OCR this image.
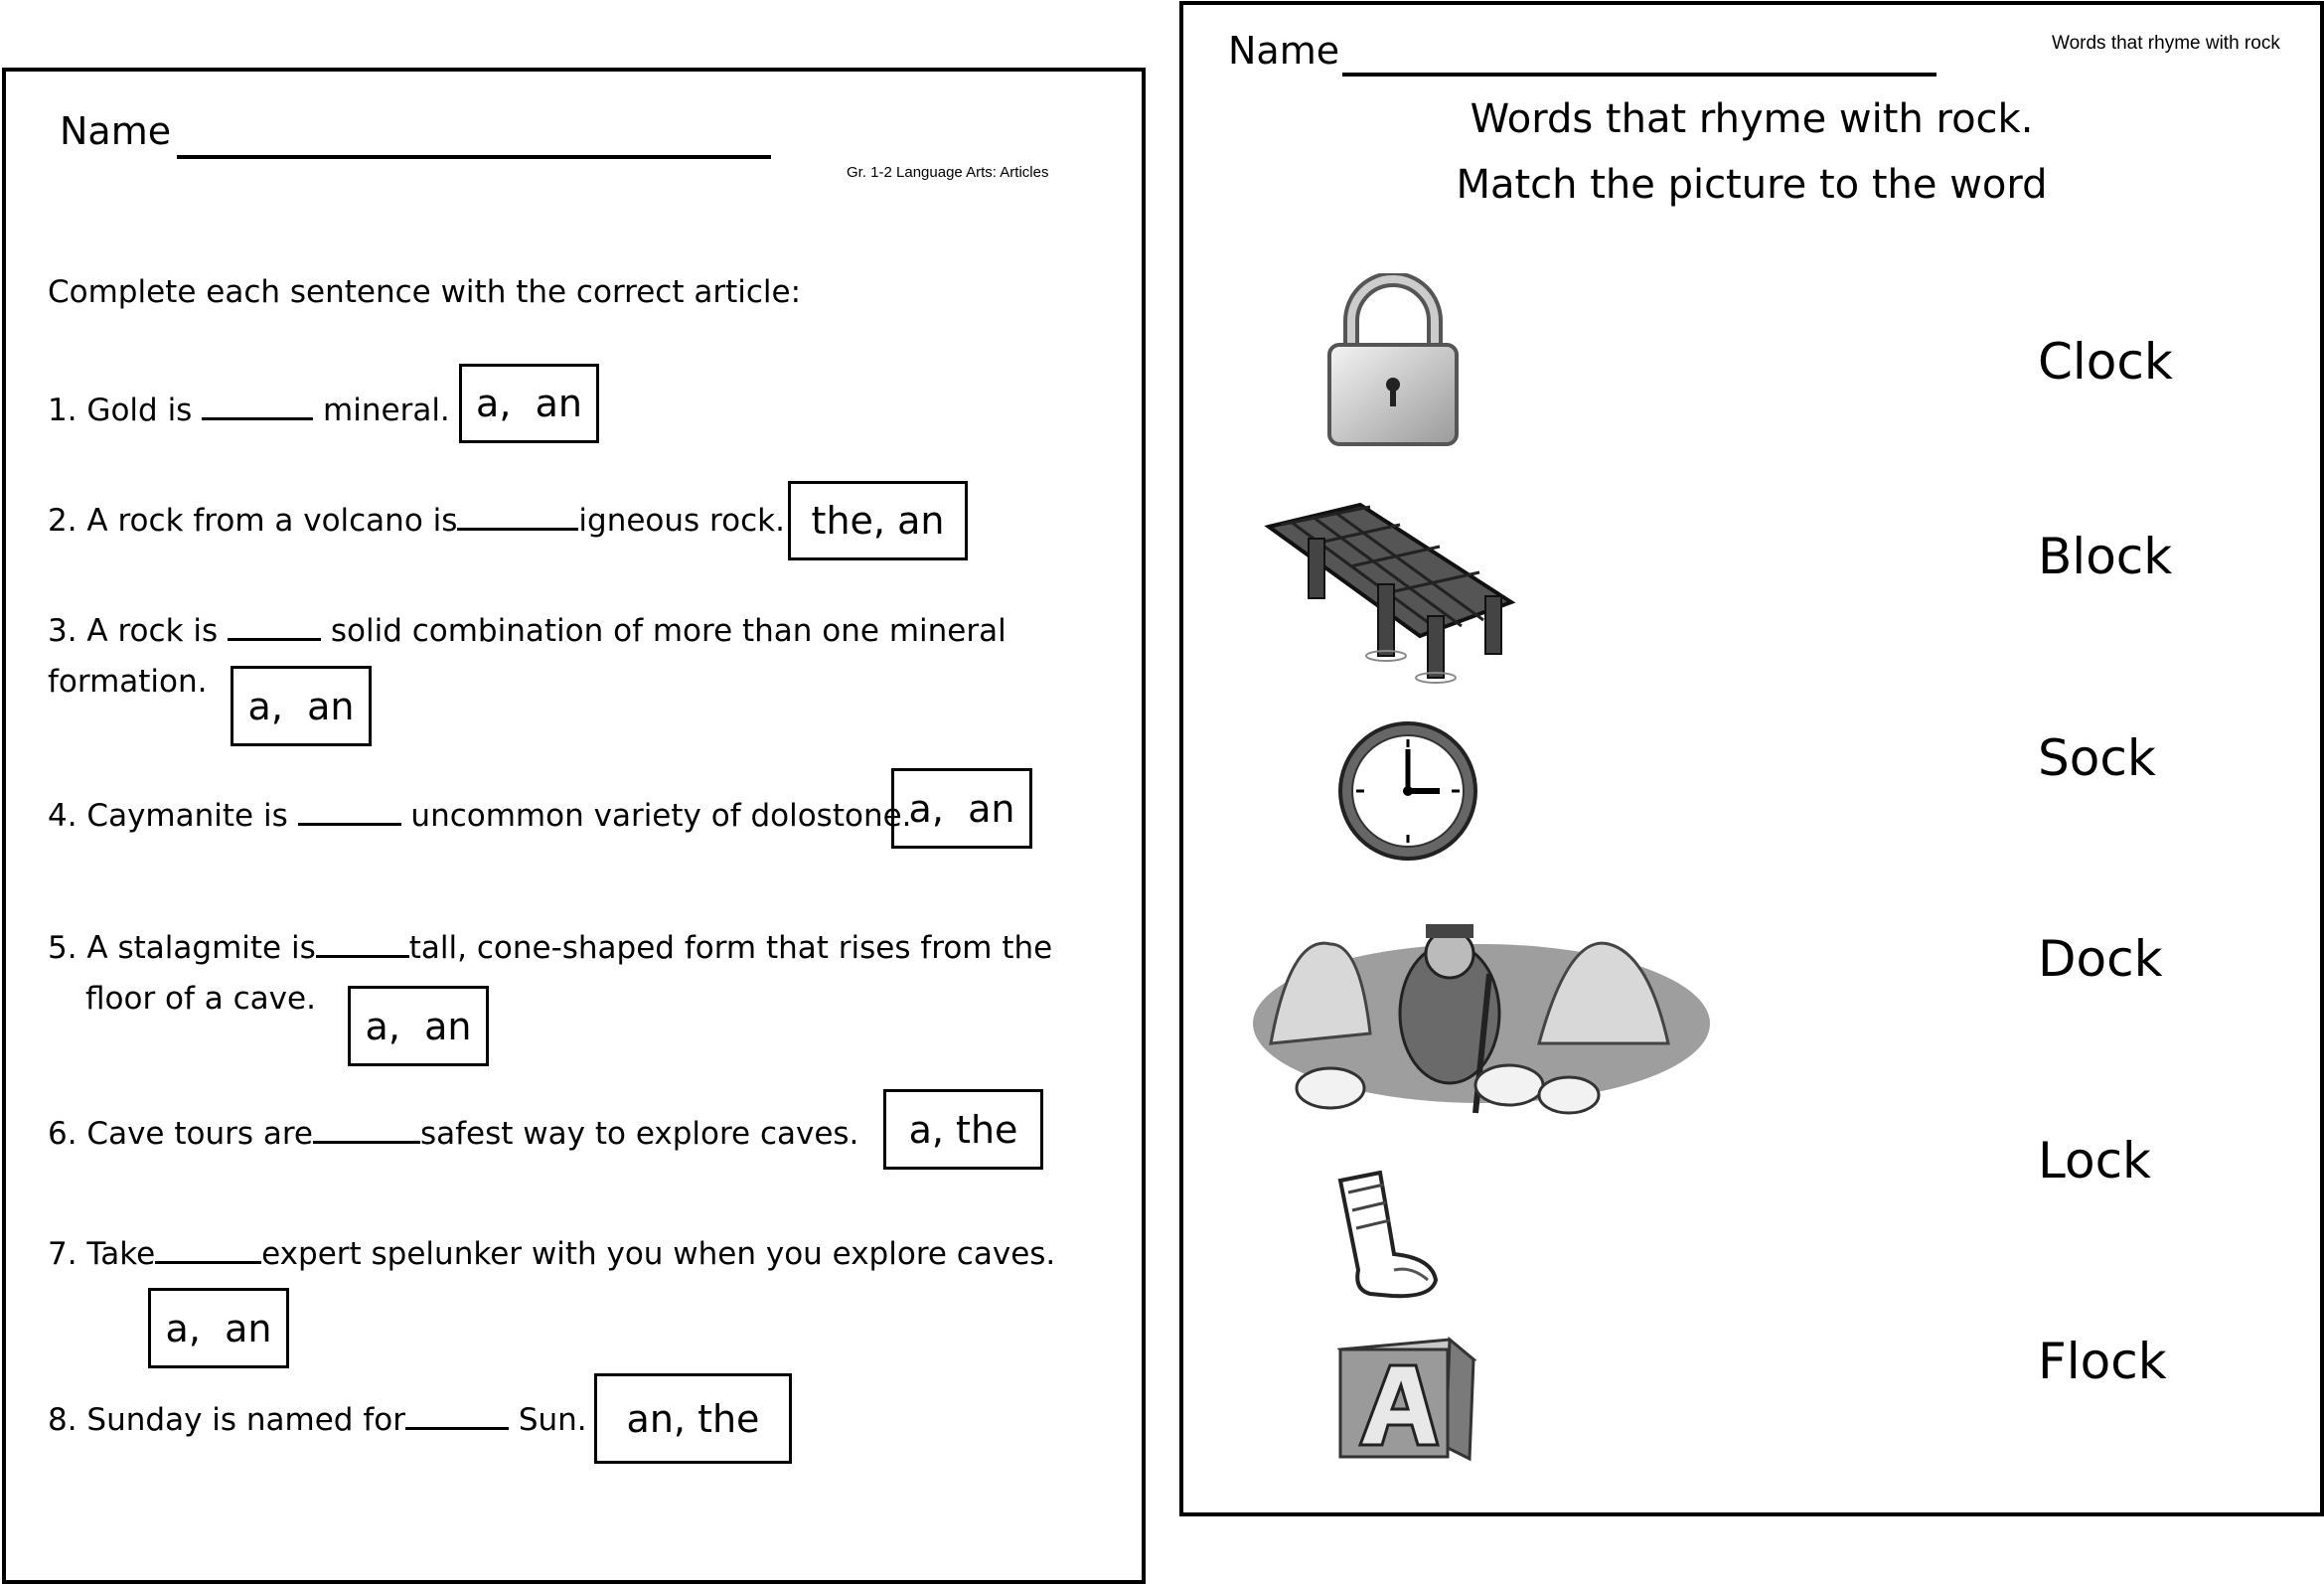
Name
Gr. 1-2 Language Arts: Articles
Complete each sentence with the correct article:
1. Gold is	mineral. a,  an
2. A rock from a volcano is	igneous rock. the, an
3. A rock is	solid combination of more than one mineral
formation.
a,  an
4. Caymanite is	uncommon variety of dolostone.
a,  an
5. A stalagmite is	tall, cone-shaped form that rises from the
floor of a cave.
a,  an
6. Cave tours are	safest way to explore caves.	a, the
7. Take	expert spelunker with you when you explore caves.
a,  an
8. Sunday is named for	Sun.	an, the
Name	Words that rhyme with rock
Words that rhyme with rock.
Match the picture to the word
Clock
Block
Sock
Dock
Lock
Flock
